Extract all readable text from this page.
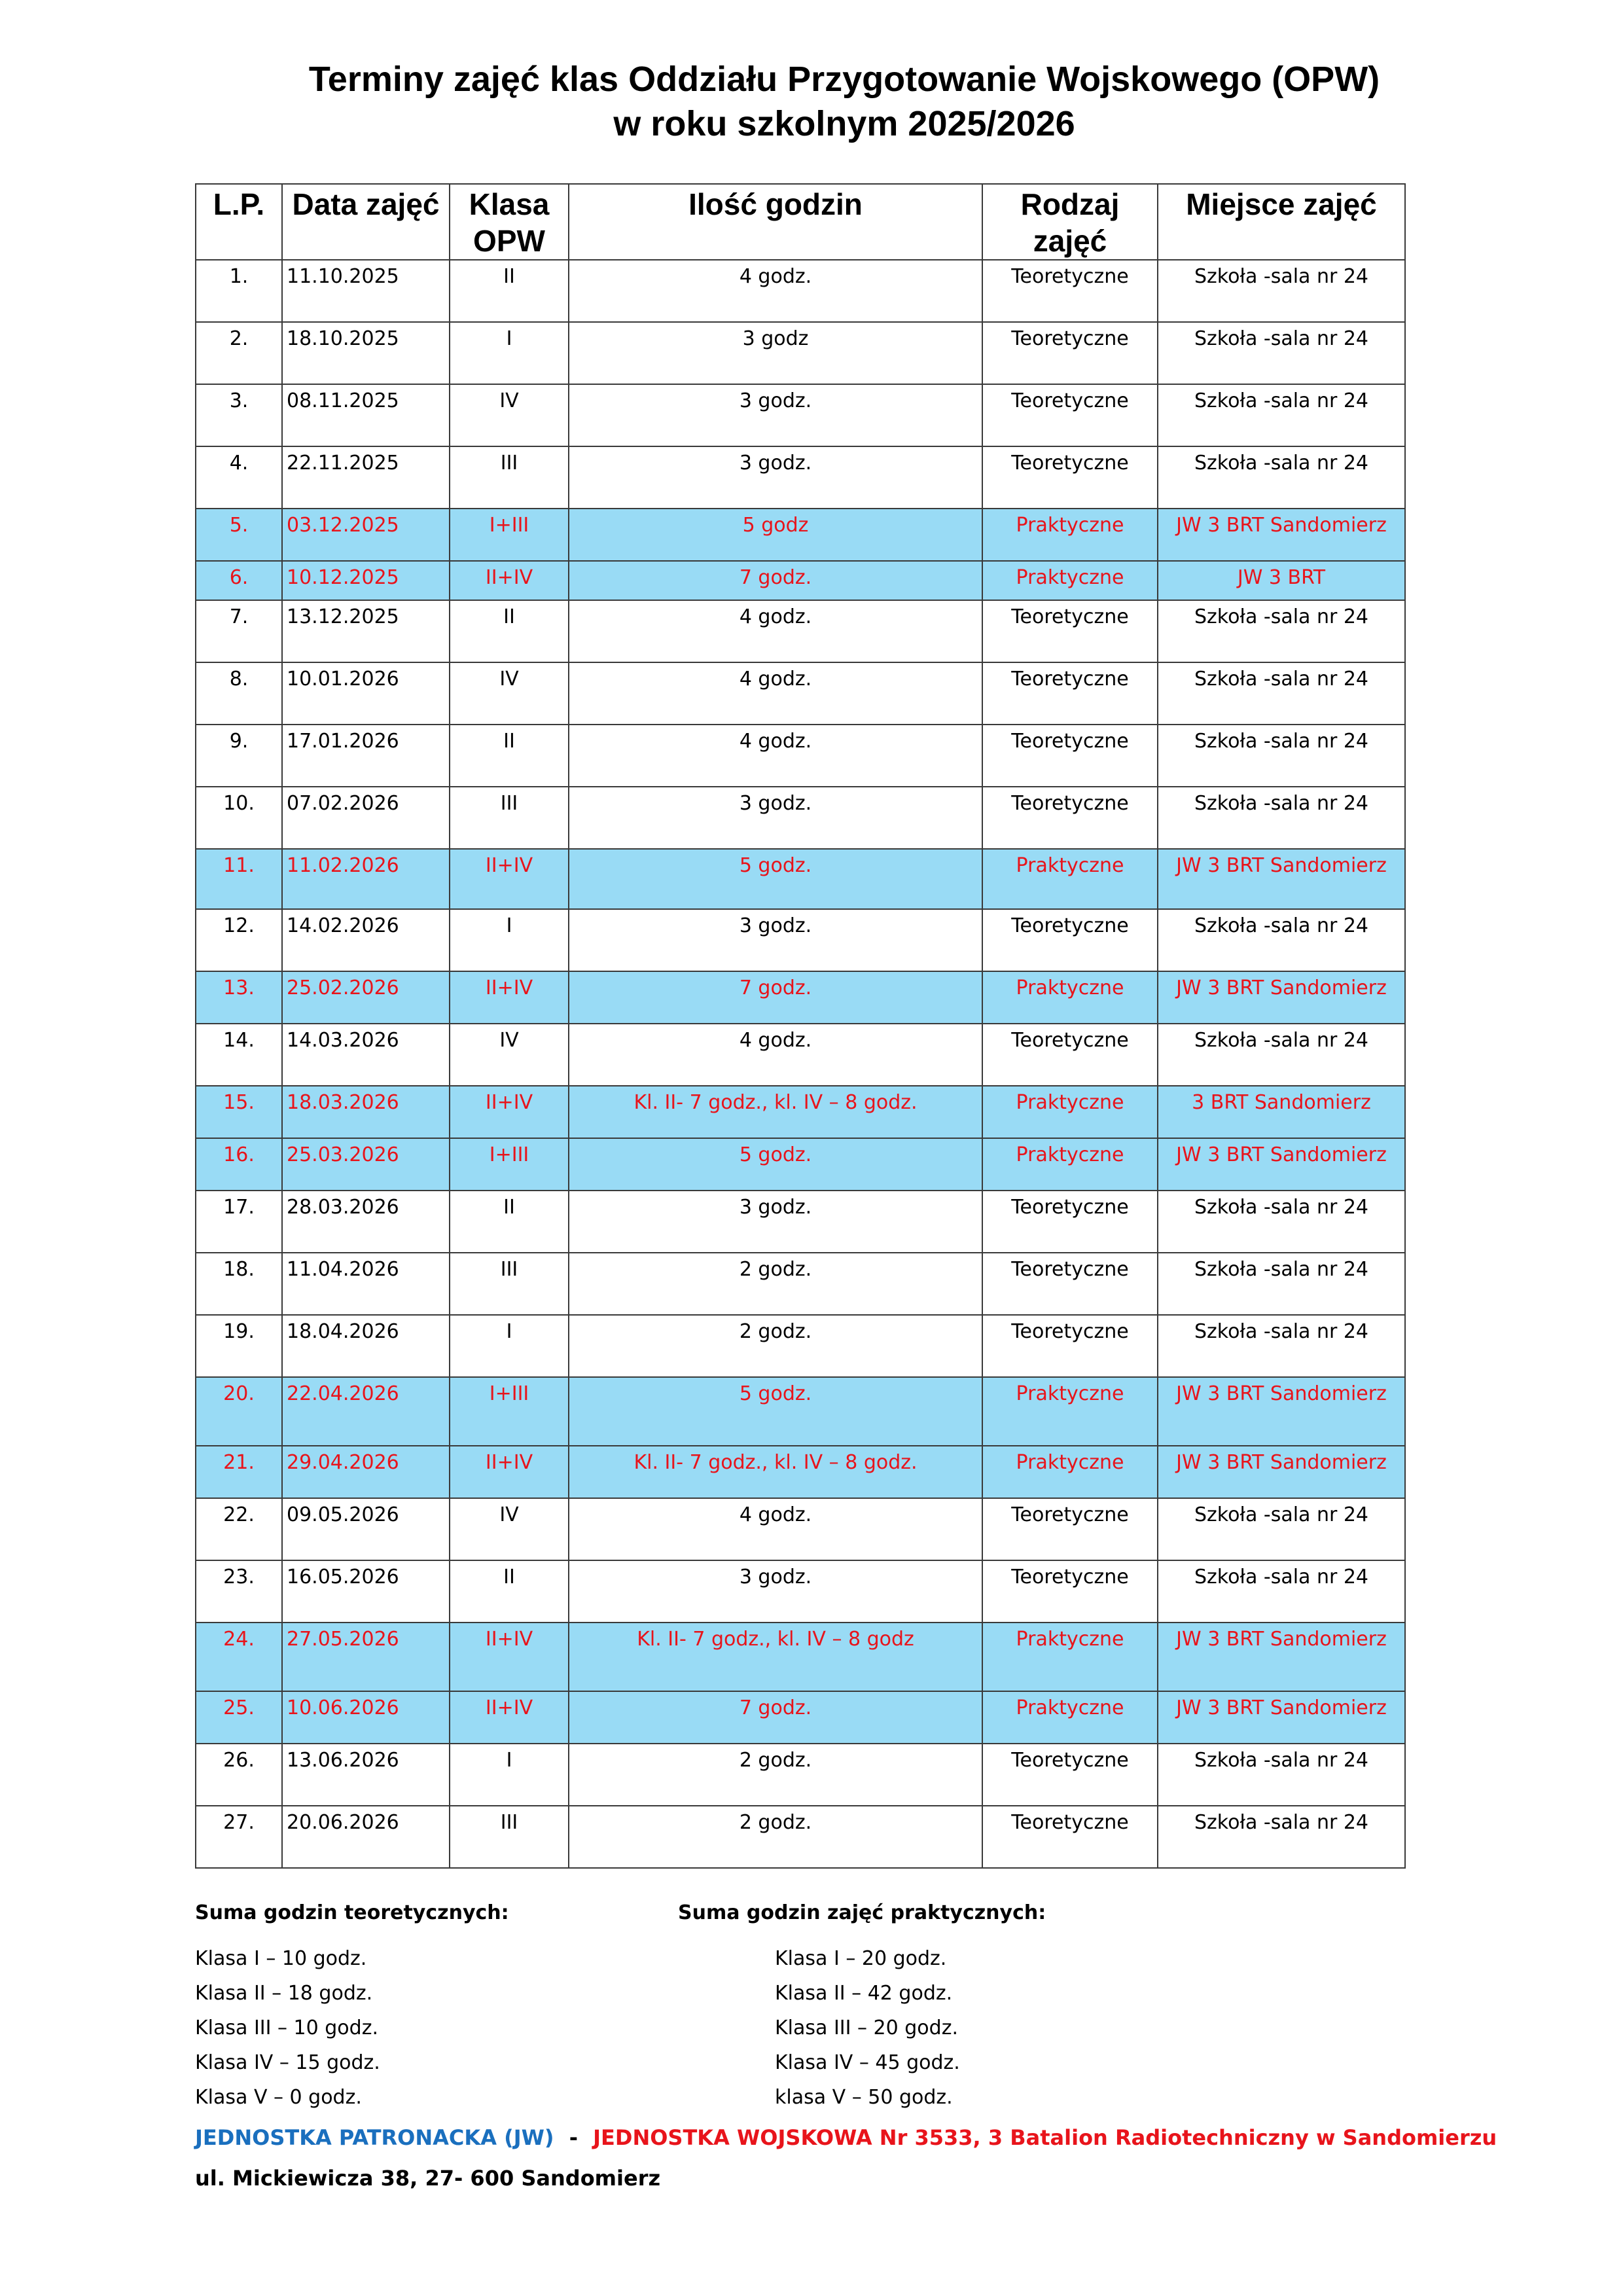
Terminy zajęć klas Oddziału Przygotowanie Wojskowego (OPW)
w roku szkolnym 2025/2026
L.P.	Data zajęć	Klasa OPW	Ilość godzin	Rodzaj zajęć	Miejsce zajęć
1.	11.10.2025	II	4 godz.	Teoretyczne	Szkoła -sala nr 24
2.	18.10.2025	I	3 godz	Teoretyczne	Szkoła -sala nr 24
3.	08.11.2025	IV	3 godz.	Teoretyczne	Szkoła -sala nr 24
4.	22.11.2025	III	3 godz.	Teoretyczne	Szkoła -sala nr 24
5.	03.12.2025	I+III	5 godz	Praktyczne	JW 3 BRT Sandomierz
6.	10.12.2025	II+IV	7 godz.	Praktyczne	JW 3 BRT
7.	13.12.2025	II	4 godz.	Teoretyczne	Szkoła -sala nr 24
8.	10.01.2026	IV	4 godz.	Teoretyczne	Szkoła -sala nr 24
9.	17.01.2026	II	4 godz.	Teoretyczne	Szkoła -sala nr 24
10.	07.02.2026	III	3 godz.	Teoretyczne	Szkoła -sala nr 24
11.	11.02.2026	II+IV	5 godz.	Praktyczne	JW 3 BRT Sandomierz
12.	14.02.2026	I	3 godz.	Teoretyczne	Szkoła -sala nr 24
13.	25.02.2026	II+IV	7 godz.	Praktyczne	JW 3 BRT Sandomierz
14.	14.03.2026	IV	4 godz.	Teoretyczne	Szkoła -sala nr 24
15.	18.03.2026	II+IV	Kl. II- 7 godz., kl. IV – 8 godz.	Praktyczne	3 BRT Sandomierz
16.	25.03.2026	I+III	5 godz.	Praktyczne	JW 3 BRT Sandomierz
17.	28.03.2026	II	3 godz.	Teoretyczne	Szkoła -sala nr 24
18.	11.04.2026	III	2 godz.	Teoretyczne	Szkoła -sala nr 24
19.	18.04.2026	I	2 godz.	Teoretyczne	Szkoła -sala nr 24
20.	22.04.2026	I+III	5 godz.	Praktyczne	JW 3 BRT Sandomierz
21.	29.04.2026	II+IV	Kl. II- 7 godz., kl. IV – 8 godz.	Praktyczne	JW 3 BRT Sandomierz
22.	09.05.2026	IV	4 godz.	Teoretyczne	Szkoła -sala nr 24
23.	16.05.2026	II	3 godz.	Teoretyczne	Szkoła -sala nr 24
24.	27.05.2026	II+IV	Kl. II- 7 godz., kl. IV – 8 godz	Praktyczne	JW 3 BRT Sandomierz
25.	10.06.2026	II+IV	7 godz.	Praktyczne	JW 3 BRT Sandomierz
26.	13.06.2026	I	2 godz.	Teoretyczne	Szkoła -sala nr 24
27.	20.06.2026	III	2 godz.	Teoretyczne	Szkoła -sala nr 24
Suma godzin teoretycznych:	Suma godzin zajęć praktycznych:
Klasa I – 10 godz.
Klasa II – 18 godz.
Klasa III – 10 godz.
Klasa IV – 15 godz.
Klasa V – 0 godz.
Klasa I – 20 godz.
Klasa II – 42 godz.
Klasa III – 20 godz.
Klasa IV – 45 godz.
klasa V – 50 godz.
JEDNOSTKA PATRONACKA (JW) - JEDNOSTKA WOJSKOWA Nr 3533, 3 Batalion Radiotechniczny w Sandomierzu
ul. Mickiewicza 38, 27- 600 Sandomierz
